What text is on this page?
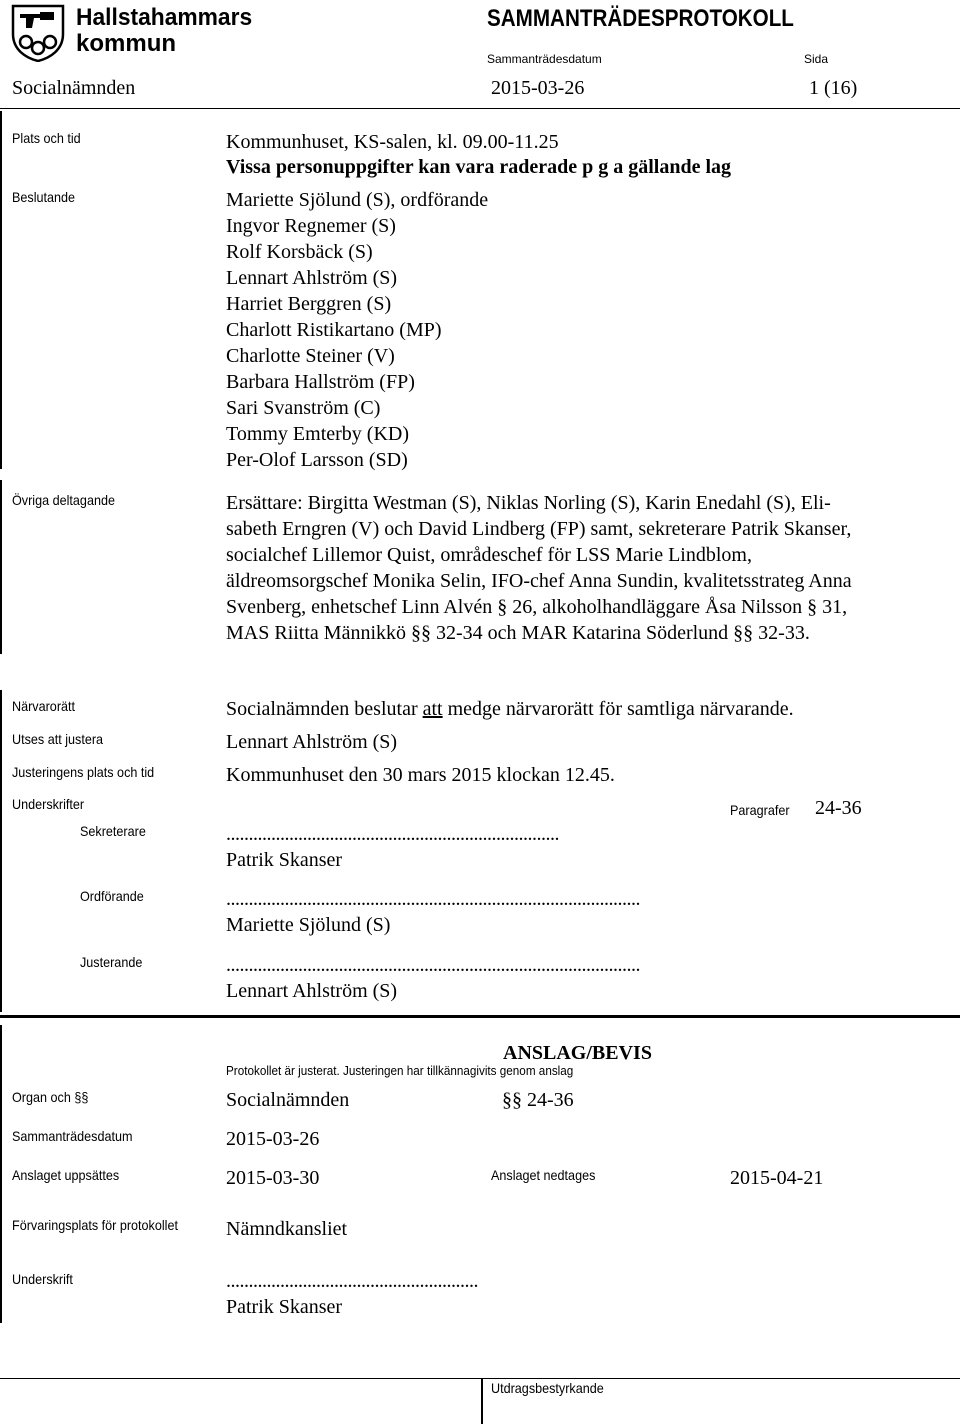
Hallstahammars
kommun
SAMMANTRÄDESPROTOKOLL
Sammanträdesdatum	Sida
Socialnämnden	2015-03-26	1 (16)
Plats och tid	Kommunhuset, KS-salen, kl. 09.00-11.25
Vissa personuppgifter kan vara raderade p g a gällande lag
Beslutande	Mariette Sjölund (S), ordförande
Ingvor Regnemer (S)
Rolf Korsbäck (S)
Lennart Ahlström (S)
Harriet Berggren (S)
Charlott Ristikartano (MP)
Charlotte Steiner (V)
Barbara Hallström (FP)
Sari Svanström (C)
Tommy Emterby (KD)
Per-Olof Larsson (SD)
Övriga deltagande	Ersättare: Birgitta Westman (S), Niklas Norling (S), Karin Enedahl (S), Eli-
sabeth Erngren (V) och David Lindberg (FP) samt, sekreterare Patrik Skanser,
socialchef Lillemor Quist, områdeschef för LSS Marie Lindblom,
äldreomsorgschef Monika Selin, IFO-chef Anna Sundin, kvalitetsstrateg Anna
Svenberg, enhetschef Linn Alvén § 26, alkoholhandläggare Åsa Nilsson § 31,
MAS Riitta Männikkö §§ 32-34 och MAR Katarina Söderlund §§ 32-33.
Närvarorätt	Socialnämnden beslutar att medge närvarorätt för samtliga närvarande.
Utses att justera	Lennart Ahlström (S)
Justeringens plats och tid	Kommunhuset den 30 mars 2015 klockan 12.45.
Underskrifter	Paragrafer 24-36
Sekreterare	..........................................................................
Patrik Skanser
Ordförande	............................................................................................
Mariette Sjölund (S)
Justerande	............................................................................................
Lennart Ahlström (S)
ANSLAG/BEVIS
Protokollet är justerat. Justeringen har tillkännagivits genom anslag
Organ och §§	Socialnämnden	§§ 24-36
Sammanträdesdatum	2015-03-26
Anslaget uppsättes	2015-03-30	Anslaget nedtages	2015-04-21
Förvaringsplats för protokollet Nämndkansliet
Underskrift	........................................................
Patrik Skanser
Utdragsbestyrkande
